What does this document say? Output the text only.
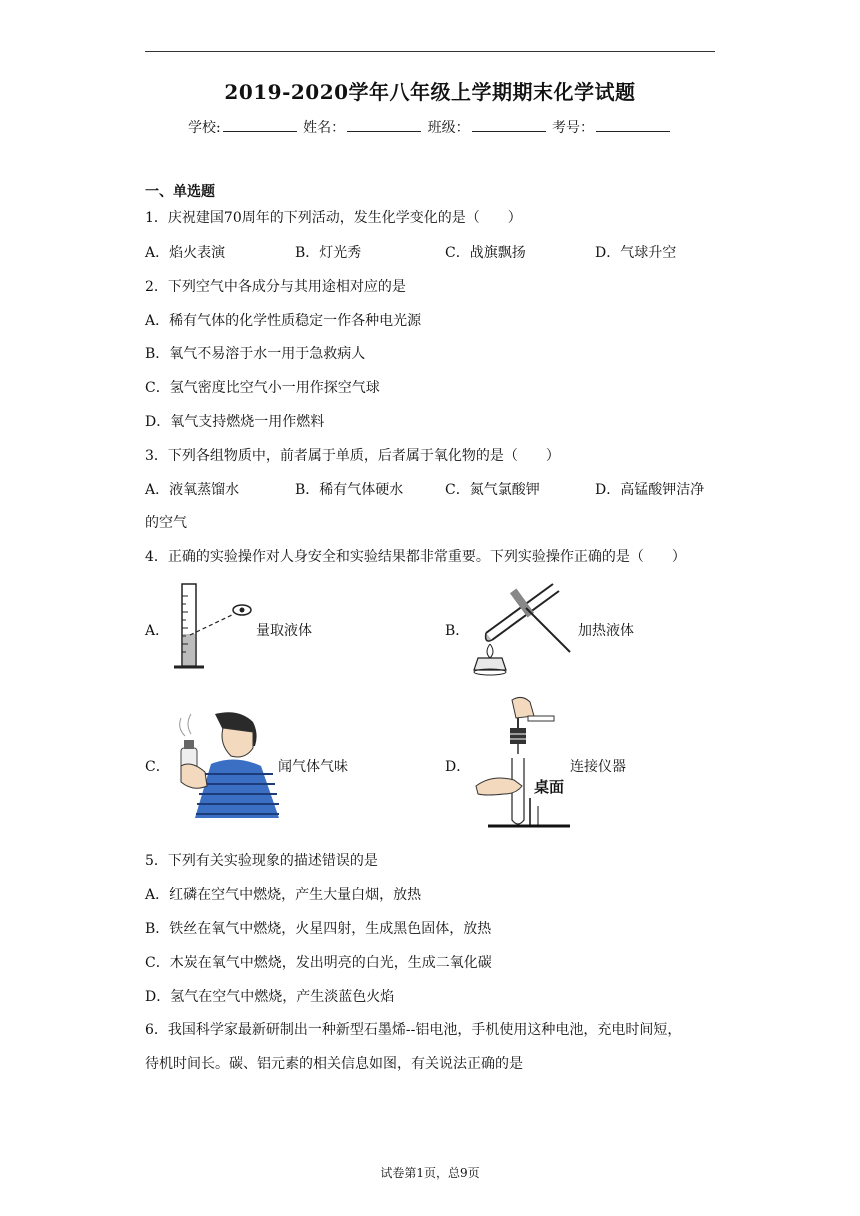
2019-2020学年八年级上学期期末化学试题
学校:	姓名：	班级：	考号：
一、单选题
1．庆祝建国70周年的下列活动，发生化学变化的是（　　）
A．焰火表演	B．灯光秀	C．战旗飘扬	D．气球升空
2．下列空气中各成分与其用途相对应的是
A．稀有气体的化学性质稳定一作各种电光源
B．氧气不易溶于水一用于急救病人
C．氢气密度比空气小一用作探空气球
D．氧气支持燃烧一用作燃料
3．下列各组物质中，前者属于单质，后者属于氧化物的是（　　）
A．液氧蒸馏水	B．稀有气体硬水	C．氮气氯酸钾	D．高锰酸钾洁净
的空气
4．正确的实验操作对人身安全和实验结果都非常重要。下列实验操作正确的是（　　）
A．	量取液体	B．	加热液体
C．	闻气体气味	D．
桌面
连接仪器
5．下列有关实验现象的描述错误的是
A．红磷在空气中燃烧，产生大量白烟，放热
B．铁丝在氧气中燃烧，火星四射，生成黑色固体，放热
C．木炭在氧气中燃烧，发出明亮的白光，生成二氧化碳
D．氢气在空气中燃烧，产生淡蓝色火焰
6．我国科学家最新研制出一种新型石墨烯--铝电池，手机使用这种电池，充电时间短，
待机时间长。碳、铝元素的相关信息如图，有关说法正确的是
试卷第1页，总9页
